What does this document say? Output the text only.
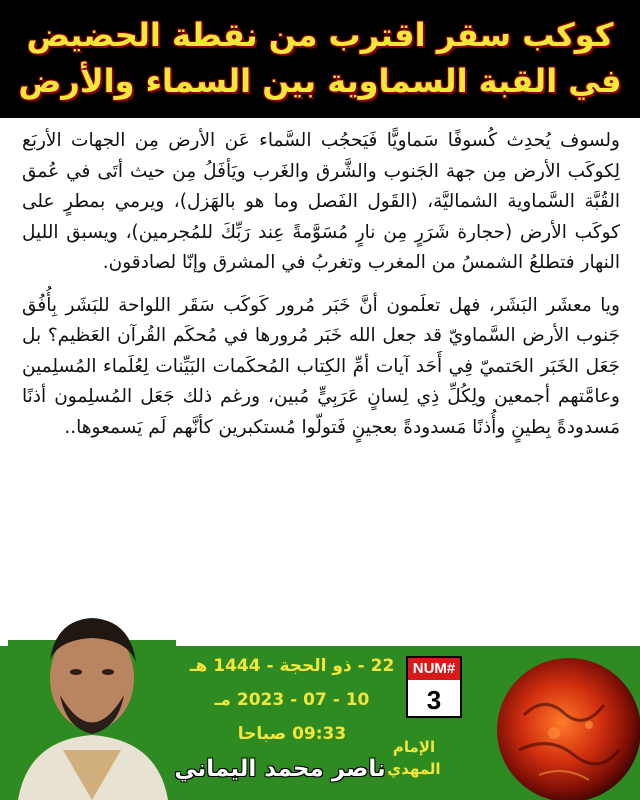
كوكب سقر اقترب من نقطة الحضيض
في القبة السماوية بين السماء والأرض

ولسوف يُحدِث كُسوفًا سَماويًّا فَيَحجُب السَّماء عَن الأرض مِن الجهات الأربَع لِكوكَب الأرض مِن جهة الجَنوب والشَّرق والغَرب ويَأفَلُ مِن حيث أتَى في عُمق القُبَّة السَّماوية الشماليَّة، (القَول الفَصل وما هو بالهَزل)، ويرمي بمطرٍ على كوكَب الأرض (حجارة شَرَرٍ مِن نارٍ مُسَوَّمةً عِند رَبِّكَ للمُجرمين)، ويسبق الليل النهار فتطلعُ الشمسُ من المغرب وتغربُ في المشرق وإنّا لصادقون.

ويا معشَر البَشَر، فهل تعلَمون أنَّ خَبَر مُرور كَوكَب سَقَر اللواحة للبَشَر بِأُفُق جَنوب الأرض السَّماويّ قد جعل الله خَبَر مُرورها في مُحكَم القُرآن العَظيم؟ بل جَعَل الخَبَر الحَتميّ فِي أَحَد آيات أمِّ الكِتاب المُحكَمات البَيِّنات لِعُلَماء المُسلِمين وعامَّتهم أجمعين ولِكُلِّ ذِي لِسانٍ عَرَبِيٍّ مُبين، ورغم ذلك جَعَل المُسلِمون أذنًا مَسدودةً بِطينٍ وأُذنًا مَسدودةً بعجينٍ فَتولّوا مُستكبرين كأنَّهم لَم يَسمعوها..

NUM#
3
22 - ذو الحجة - 1444 هـ
10 - 07 - 2023 مـ
09:33 صباحا
الإمام
المهدي
ناصر محمد اليماني
